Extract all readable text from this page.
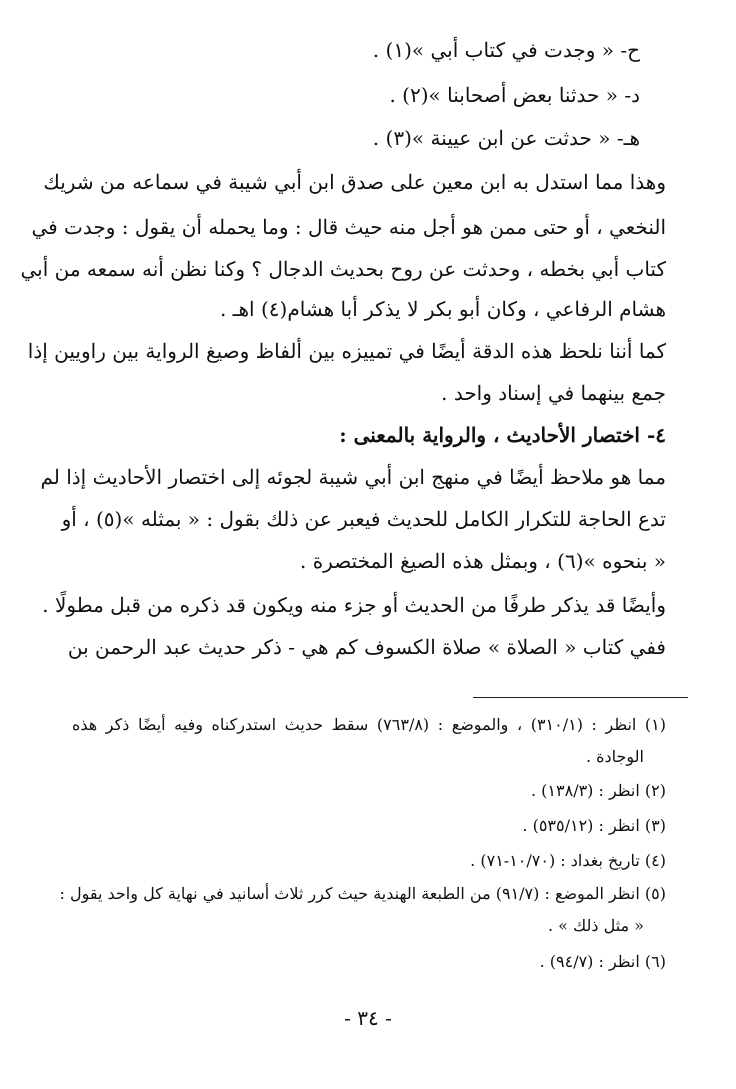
ح- « وجدت في كتاب أبي »(١) .
د- « حدثنا بعض أصحابنا »(٢) .
هـ- « حدثت عن ابن عيينة »(٣) .
وهذا مما استدل به ابن معين على صدق ابن أبي شيبة في سماعه من شريك
النخعي ، أو حتى ممن هو أجل منه حيث قال : وما يحمله أن يقول : وجدت في
كتاب أبي بخطه ، وحدثت عن روح بحديث الدجال ؟ وكنا نظن أنه سمعه من أبي
هشام الرفاعي ، وكان أبو بكر لا يذكر أبا هشام(٤) اهـ .
كما أننا نلحظ هذه الدقة أيضًا في تمييزه بين ألفاظ وصيغ الرواية بين راويين إذا
جمع بينهما في إسناد واحد .
٤- اختصار الأحاديث ، والرواية بالمعنى :
مما هو ملاحظ أيضًا في منهج ابن أبي شيبة لجوئه إلى اختصار الأحاديث إذا لم
تدع الحاجة للتكرار الكامل للحديث فيعبر عن ذلك بقول : « بمثله »(٥) ، أو
« بنحوه »(٦) ، وبمثل هذه الصيغ المختصرة .
وأيضًا قد يذكر طرفًا من الحديث أو جزء منه ويكون قد ذكره من قبل مطولًا .
ففي كتاب « الصلاة » صلاة الكسوف كم هي - ذكر حديث عبد الرحمن بن
(١) انظر : (٣١٠/١) ، والموضع : (٧٦٣/٨) سقط حديث استدركناه وفيه أيضًا ذكر هذه
الوجادة .
(٢) انظر : (١٣٨/٣) .
(٣) انظر : (٥٣٥/١٢) .
(٤) تاريخ بغداد : (١٠/٧٠-٧١) .
(٥) انظر الموضع : (٩١/٧) من الطبعة الهندية حيث كرر ثلاث أسانيد في نهاية كل واحد يقول :
« مثل ذلك » .
(٦) انظر : (٩٤/٧) .
- ٣٤ -
